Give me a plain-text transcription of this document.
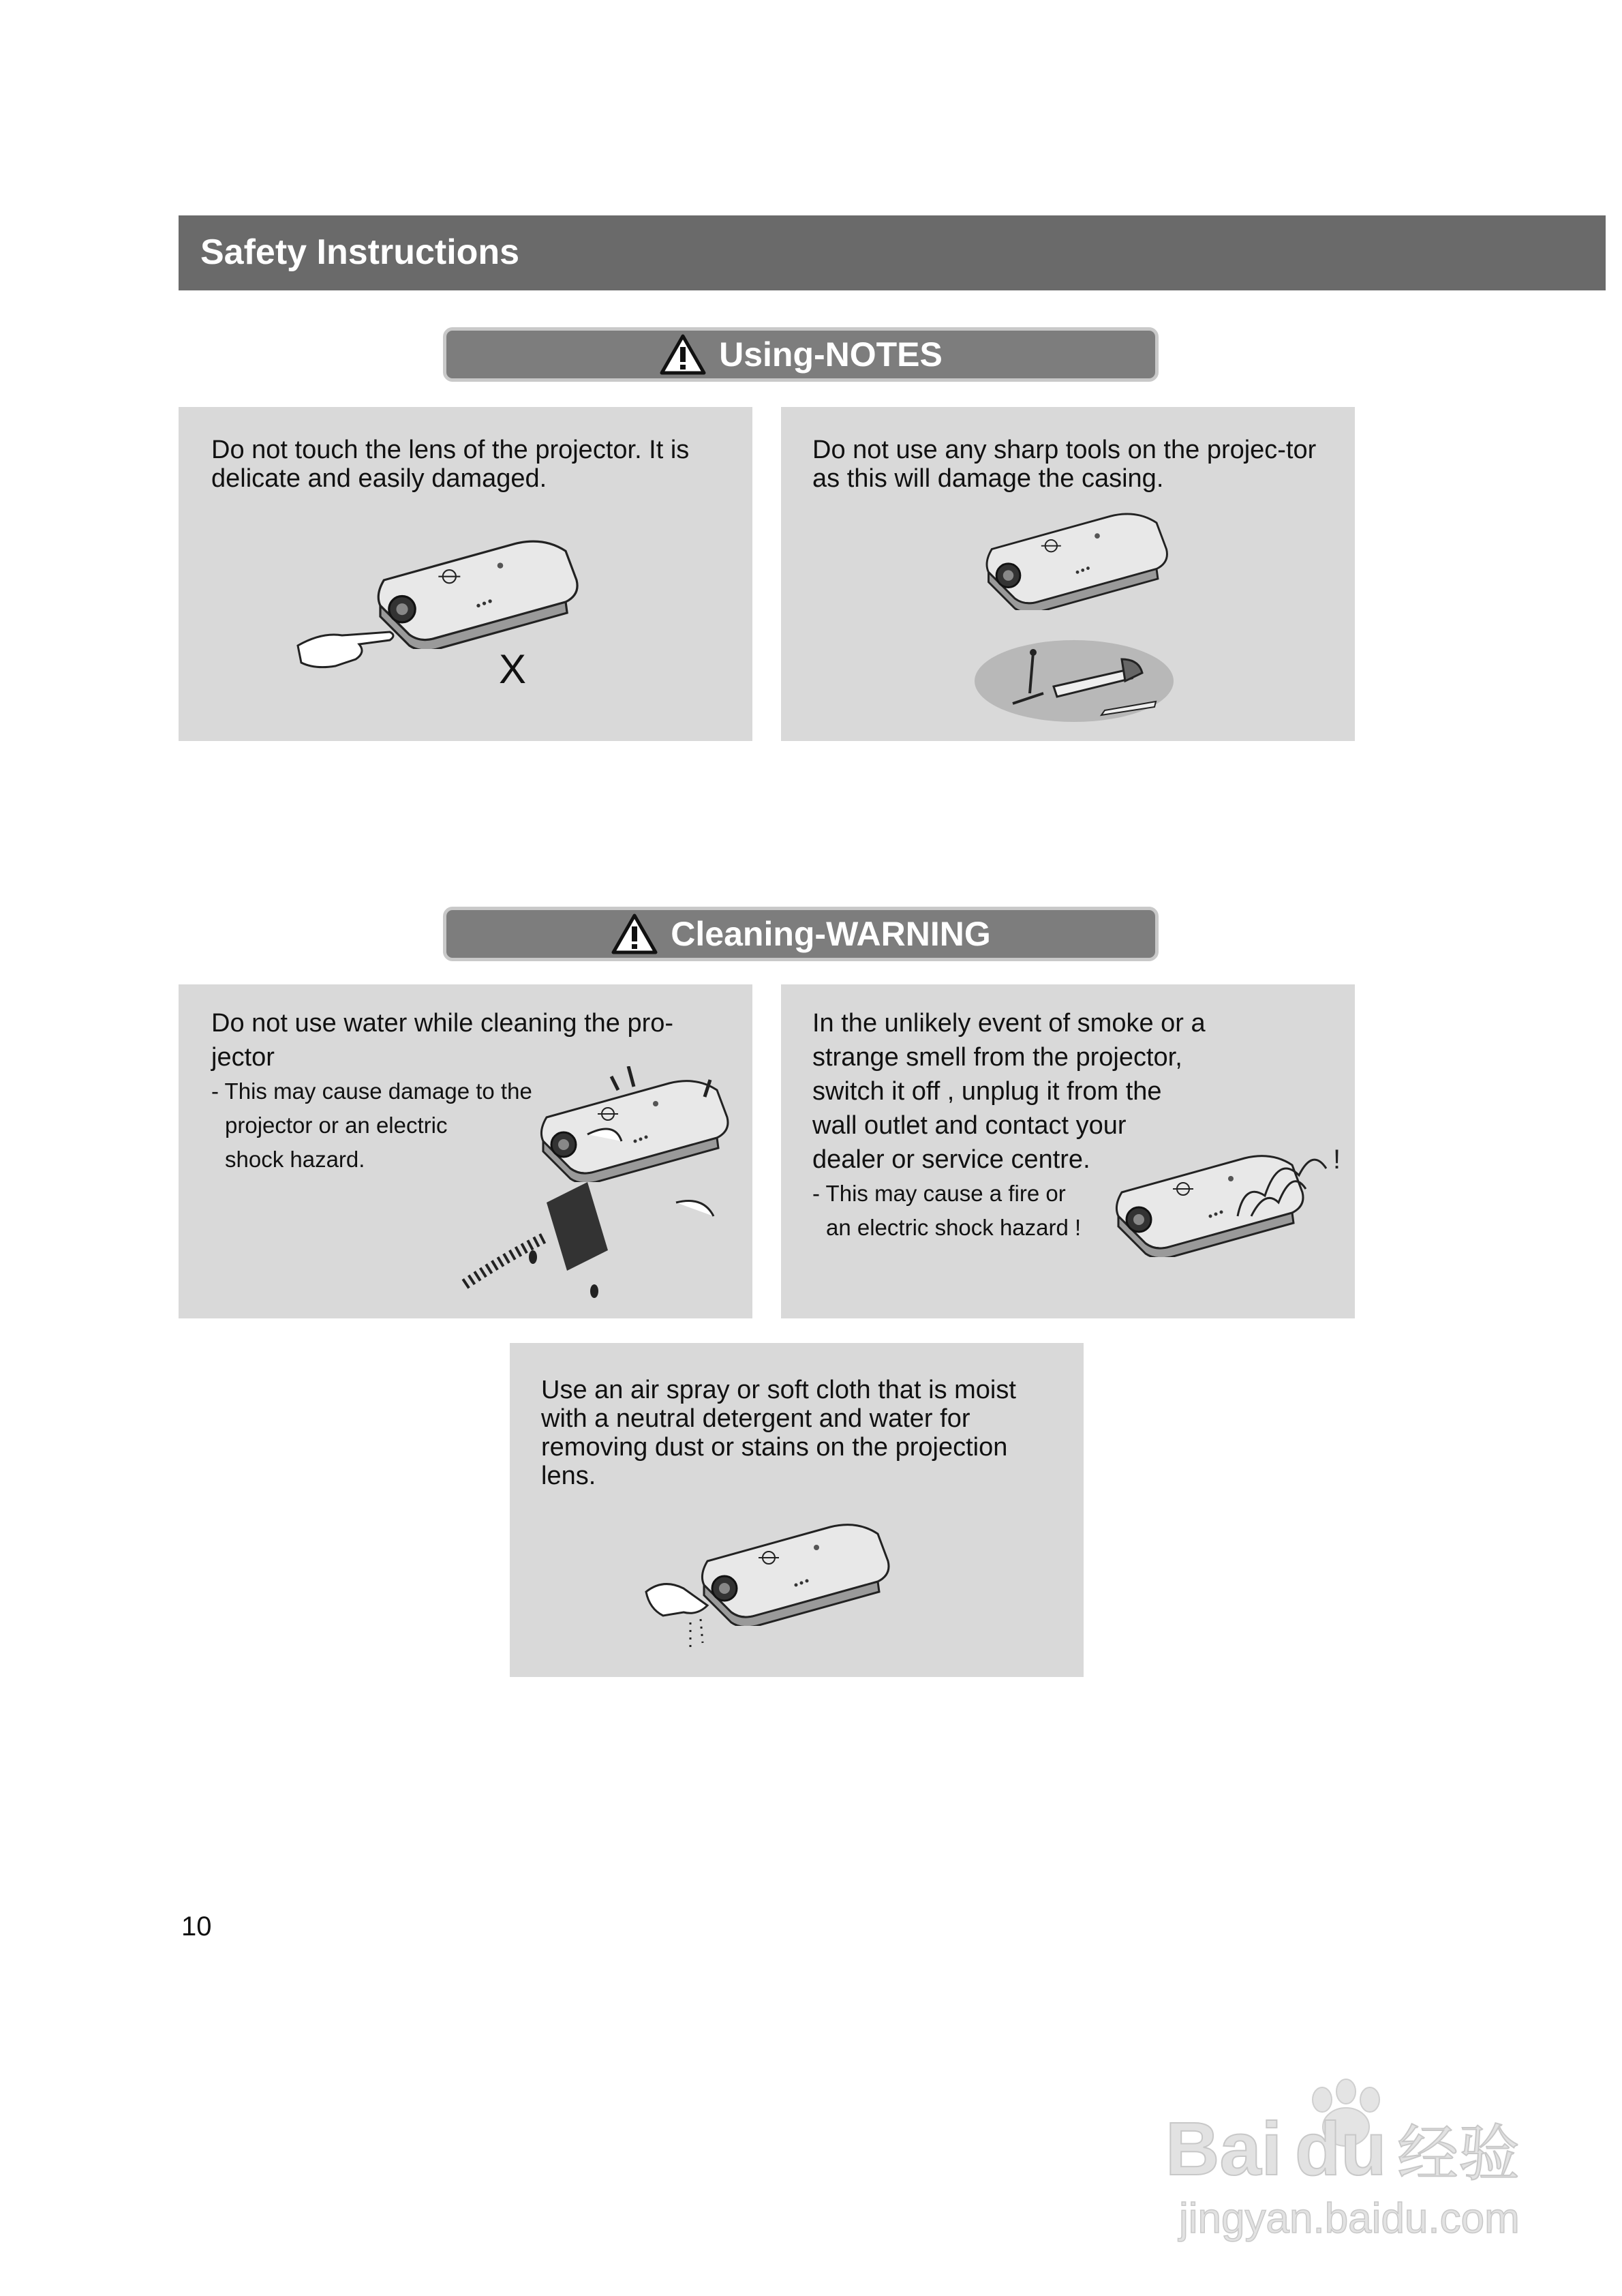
Safety Instructions
Using-NOTES
Do not touch the lens of the projector. It is delicate and easily damaged.
X
Do not use any sharp tools on the projec-tor as this will damage the casing.
Cleaning-WARNING
Do not use water while cleaning the pro-
jector
- This may cause damage to the
projector or an electric
shock hazard.
In the unlikely event of smoke or a
strange smell from the projector,
switch it off , unplug it from the
wall outlet and contact your
dealer or service centre.
- This may cause a fire or
an electric shock hazard !
!
Use an air spray or soft cloth that is moist with a neutral detergent and water for removing dust or stains on the projection lens.
10
Bai du 经验
jingyan.baidu.com
